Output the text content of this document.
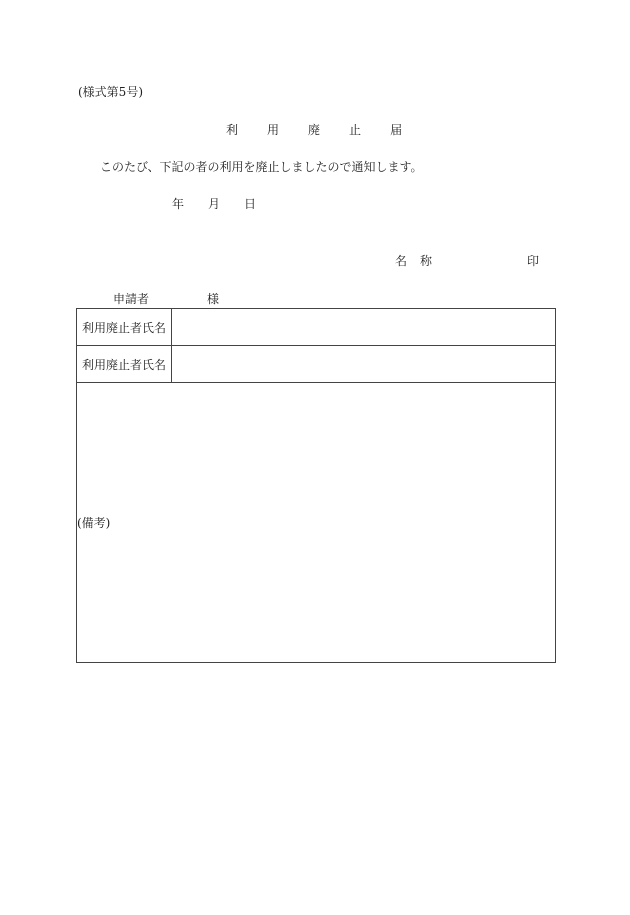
(様式第5号)
利 用 廃 止 届
このたび、下記の者の利用を廃止しましたので通知します。
年 月 日
名 称	印
申請者	様
利用廃止者氏名	
利用廃止者氏名	
(備考)	
